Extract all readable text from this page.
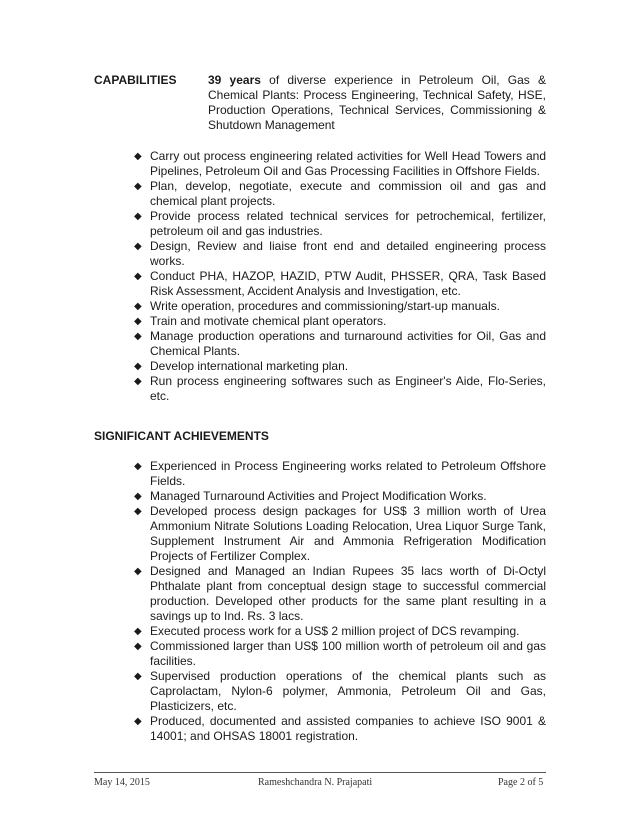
CAPABILITIES	39 years of diverse experience in Petroleum Oil, Gas & Chemical Plants: Process Engineering, Technical Safety, HSE, Production Operations, Technical Services, Commissioning & Shutdown Management
◆ Carry out process engineering related activities for Well Head Towers and Pipelines, Petroleum Oil and Gas Processing Facilities in Offshore Fields.
◆ Plan, develop, negotiate, execute and commission oil and gas and chemical plant projects.
◆ Provide process related technical services for petrochemical, fertilizer, petroleum oil and gas industries.
◆ Design, Review and liaise front end and detailed engineering process works.
◆ Conduct PHA, HAZOP, HAZID, PTW Audit, PHSSER, QRA, Task Based Risk Assessment, Accident Analysis and Investigation, etc.
◆ Write operation, procedures and commissioning/start-up manuals.
◆ Train and motivate chemical plant operators.
◆ Manage production operations and turnaround activities for Oil, Gas and Chemical Plants.
◆ Develop international marketing plan.
◆ Run process engineering softwares such as Engineer's Aide, Flo-Series, etc.
SIGNIFICANT ACHIEVEMENTS
◆ Experienced in Process Engineering works related to Petroleum Offshore Fields.
◆ Managed Turnaround Activities and Project Modification Works.
◆ Developed process design packages for US$ 3 million worth of Urea Ammonium Nitrate Solutions Loading Relocation, Urea Liquor Surge Tank, Supplement Instrument Air and Ammonia Refrigeration Modification Projects of Fertilizer Complex.
◆ Designed and Managed an Indian Rupees 35 lacs worth of Di-Octyl Phthalate plant from conceptual design stage to successful commercial production. Developed other products for the same plant resulting in a savings up to Ind. Rs. 3 lacs.
◆ Executed process work for a US$ 2 million project of DCS revamping.
◆ Commissioned larger than US$ 100 million worth of petroleum oil and gas facilities.
◆ Supervised production operations of the chemical plants such as Caprolactam, Nylon-6 polymer, Ammonia, Petroleum Oil and Gas, Plasticizers, etc.
◆ Produced, documented and assisted companies to achieve ISO 9001 & 14001; and OHSAS 18001 registration.
May 14, 2015	Rameshchandra N. Prajapati	Page 2 of 5
